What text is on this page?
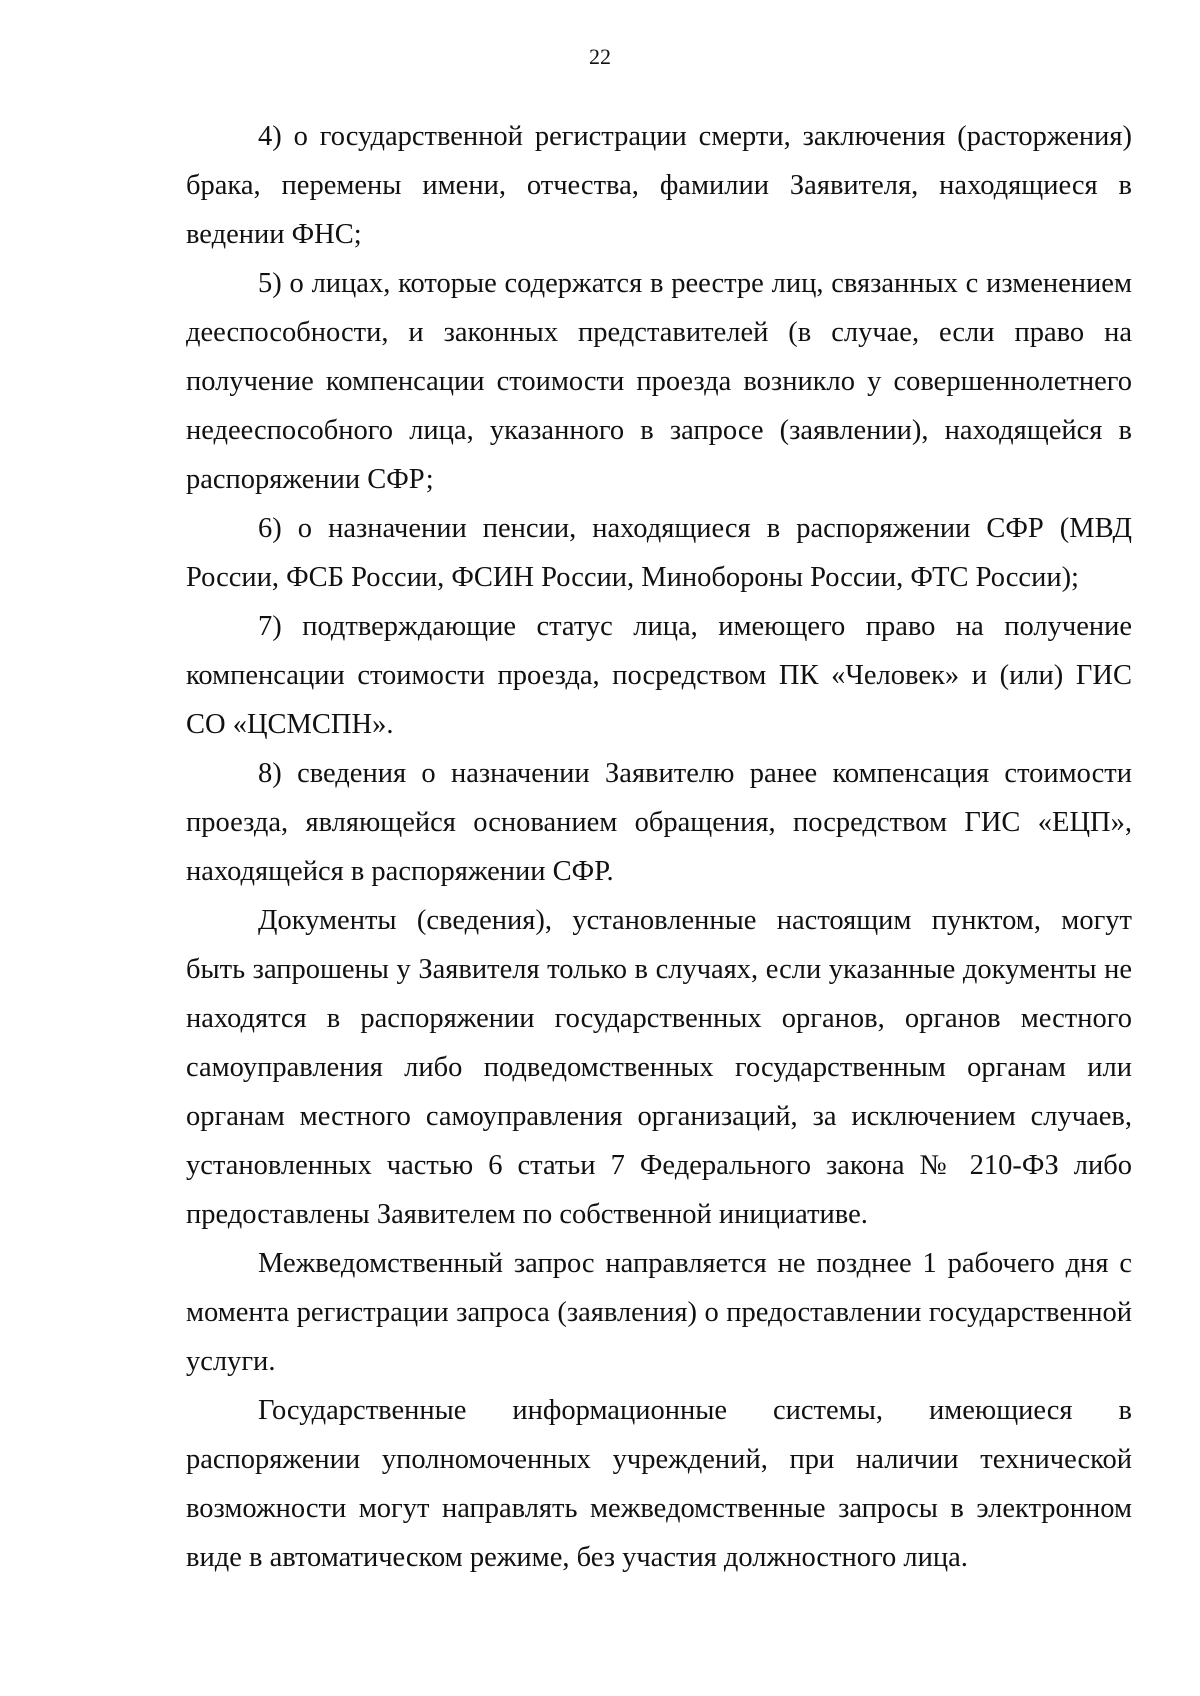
22

4) о государственной регистрации смерти, заключения (расторжения) брака, перемены имени, отчества, фамилии Заявителя, находящиеся в ведении ФНС;

5) о лицах, которые содержатся в реестре лиц, связанных с изменением дееспособности, и законных представителей (в случае, если право на получение компенсации стоимости проезда возникло у совершеннолетнего недееспособного лица, указанного в запросе (заявлении), находящейся в распоряжении СФР;

6) о назначении пенсии, находящиеся в распоряжении СФР (МВД России, ФСБ России, ФСИН России, Минобороны России, ФТС России);

7) подтверждающие статус лица, имеющего право на получение компенсации стоимости проезда, посредством ПК «Человек» и (или) ГИС СО «ЦСМСПН».

8) сведения о назначении Заявителю ранее компенсация стоимости проезда, являющейся основанием обращения, посредством ГИС «ЕЦП», находящейся в распоряжении СФР.

Документы (сведения), установленные настоящим пунктом, могут быть запрошены у Заявителя только в случаях, если указанные документы не находятся в распоряжении государственных органов, органов местного самоуправления либо подведомственных государственным органам или органам местного самоуправления организаций, за исключением случаев, установленных частью 6 статьи 7 Федерального закона № 210-ФЗ либо предоставлены Заявителем по собственной инициативе.

Межведомственный запрос направляется не позднее 1 рабочего дня с момента регистрации запроса (заявления) о предоставлении государственной услуги.

Государственные информационные системы, имеющиеся в распоряжении уполномоченных учреждений, при наличии технической возможности могут направлять межведомственные запросы в электронном виде в автоматическом режиме, без участия должностного лица.
